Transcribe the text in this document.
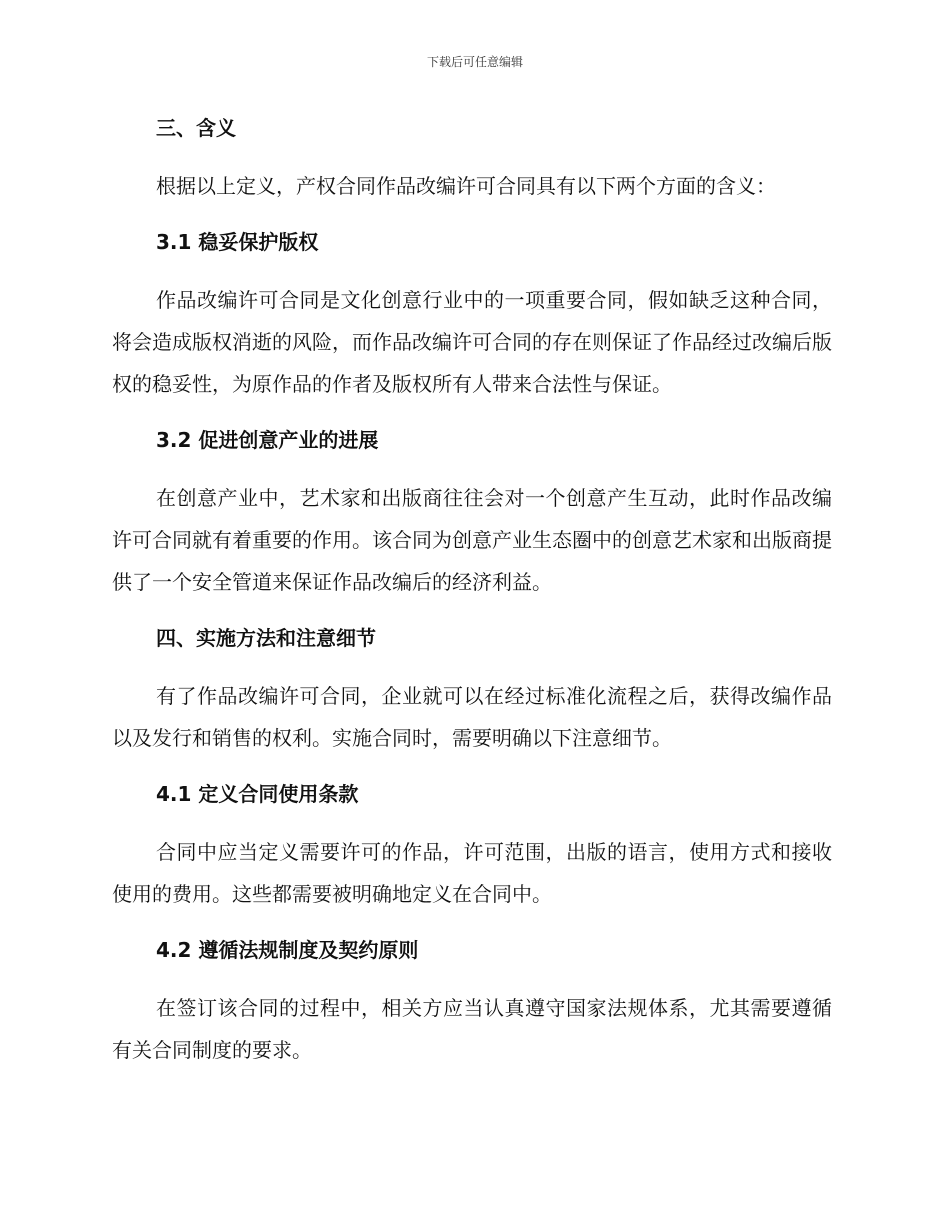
下载后可任意编辑

三、含义

根据以上定义，产权合同作品改编许可合同具有以下两个方面的含义：

3.1 稳妥保护版权

作品改编许可合同是文化创意行业中的一项重要合同，假如缺乏这种合同，将会造成版权消逝的风险，而作品改编许可合同的存在则保证了作品经过改编后版权的稳妥性，为原作品的作者及版权所有人带来合法性与保证。

3.2 促进创意产业的进展

在创意产业中，艺术家和出版商往往会对一个创意产生互动，此时作品改编许可合同就有着重要的作用。该合同为创意产业生态圈中的创意艺术家和出版商提供了一个安全管道来保证作品改编后的经济利益。

四、实施方法和注意细节

有了作品改编许可合同，企业就可以在经过标准化流程之后，获得改编作品以及发行和销售的权利。实施合同时，需要明确以下注意细节。

4.1 定义合同使用条款

合同中应当定义需要许可的作品，许可范围，出版的语言，使用方式和接收使用的费用。这些都需要被明确地定义在合同中。

4.2 遵循法规制度及契约原则

在签订该合同的过程中，相关方应当认真遵守国家法规体系，尤其需要遵循有关合同制度的要求。
